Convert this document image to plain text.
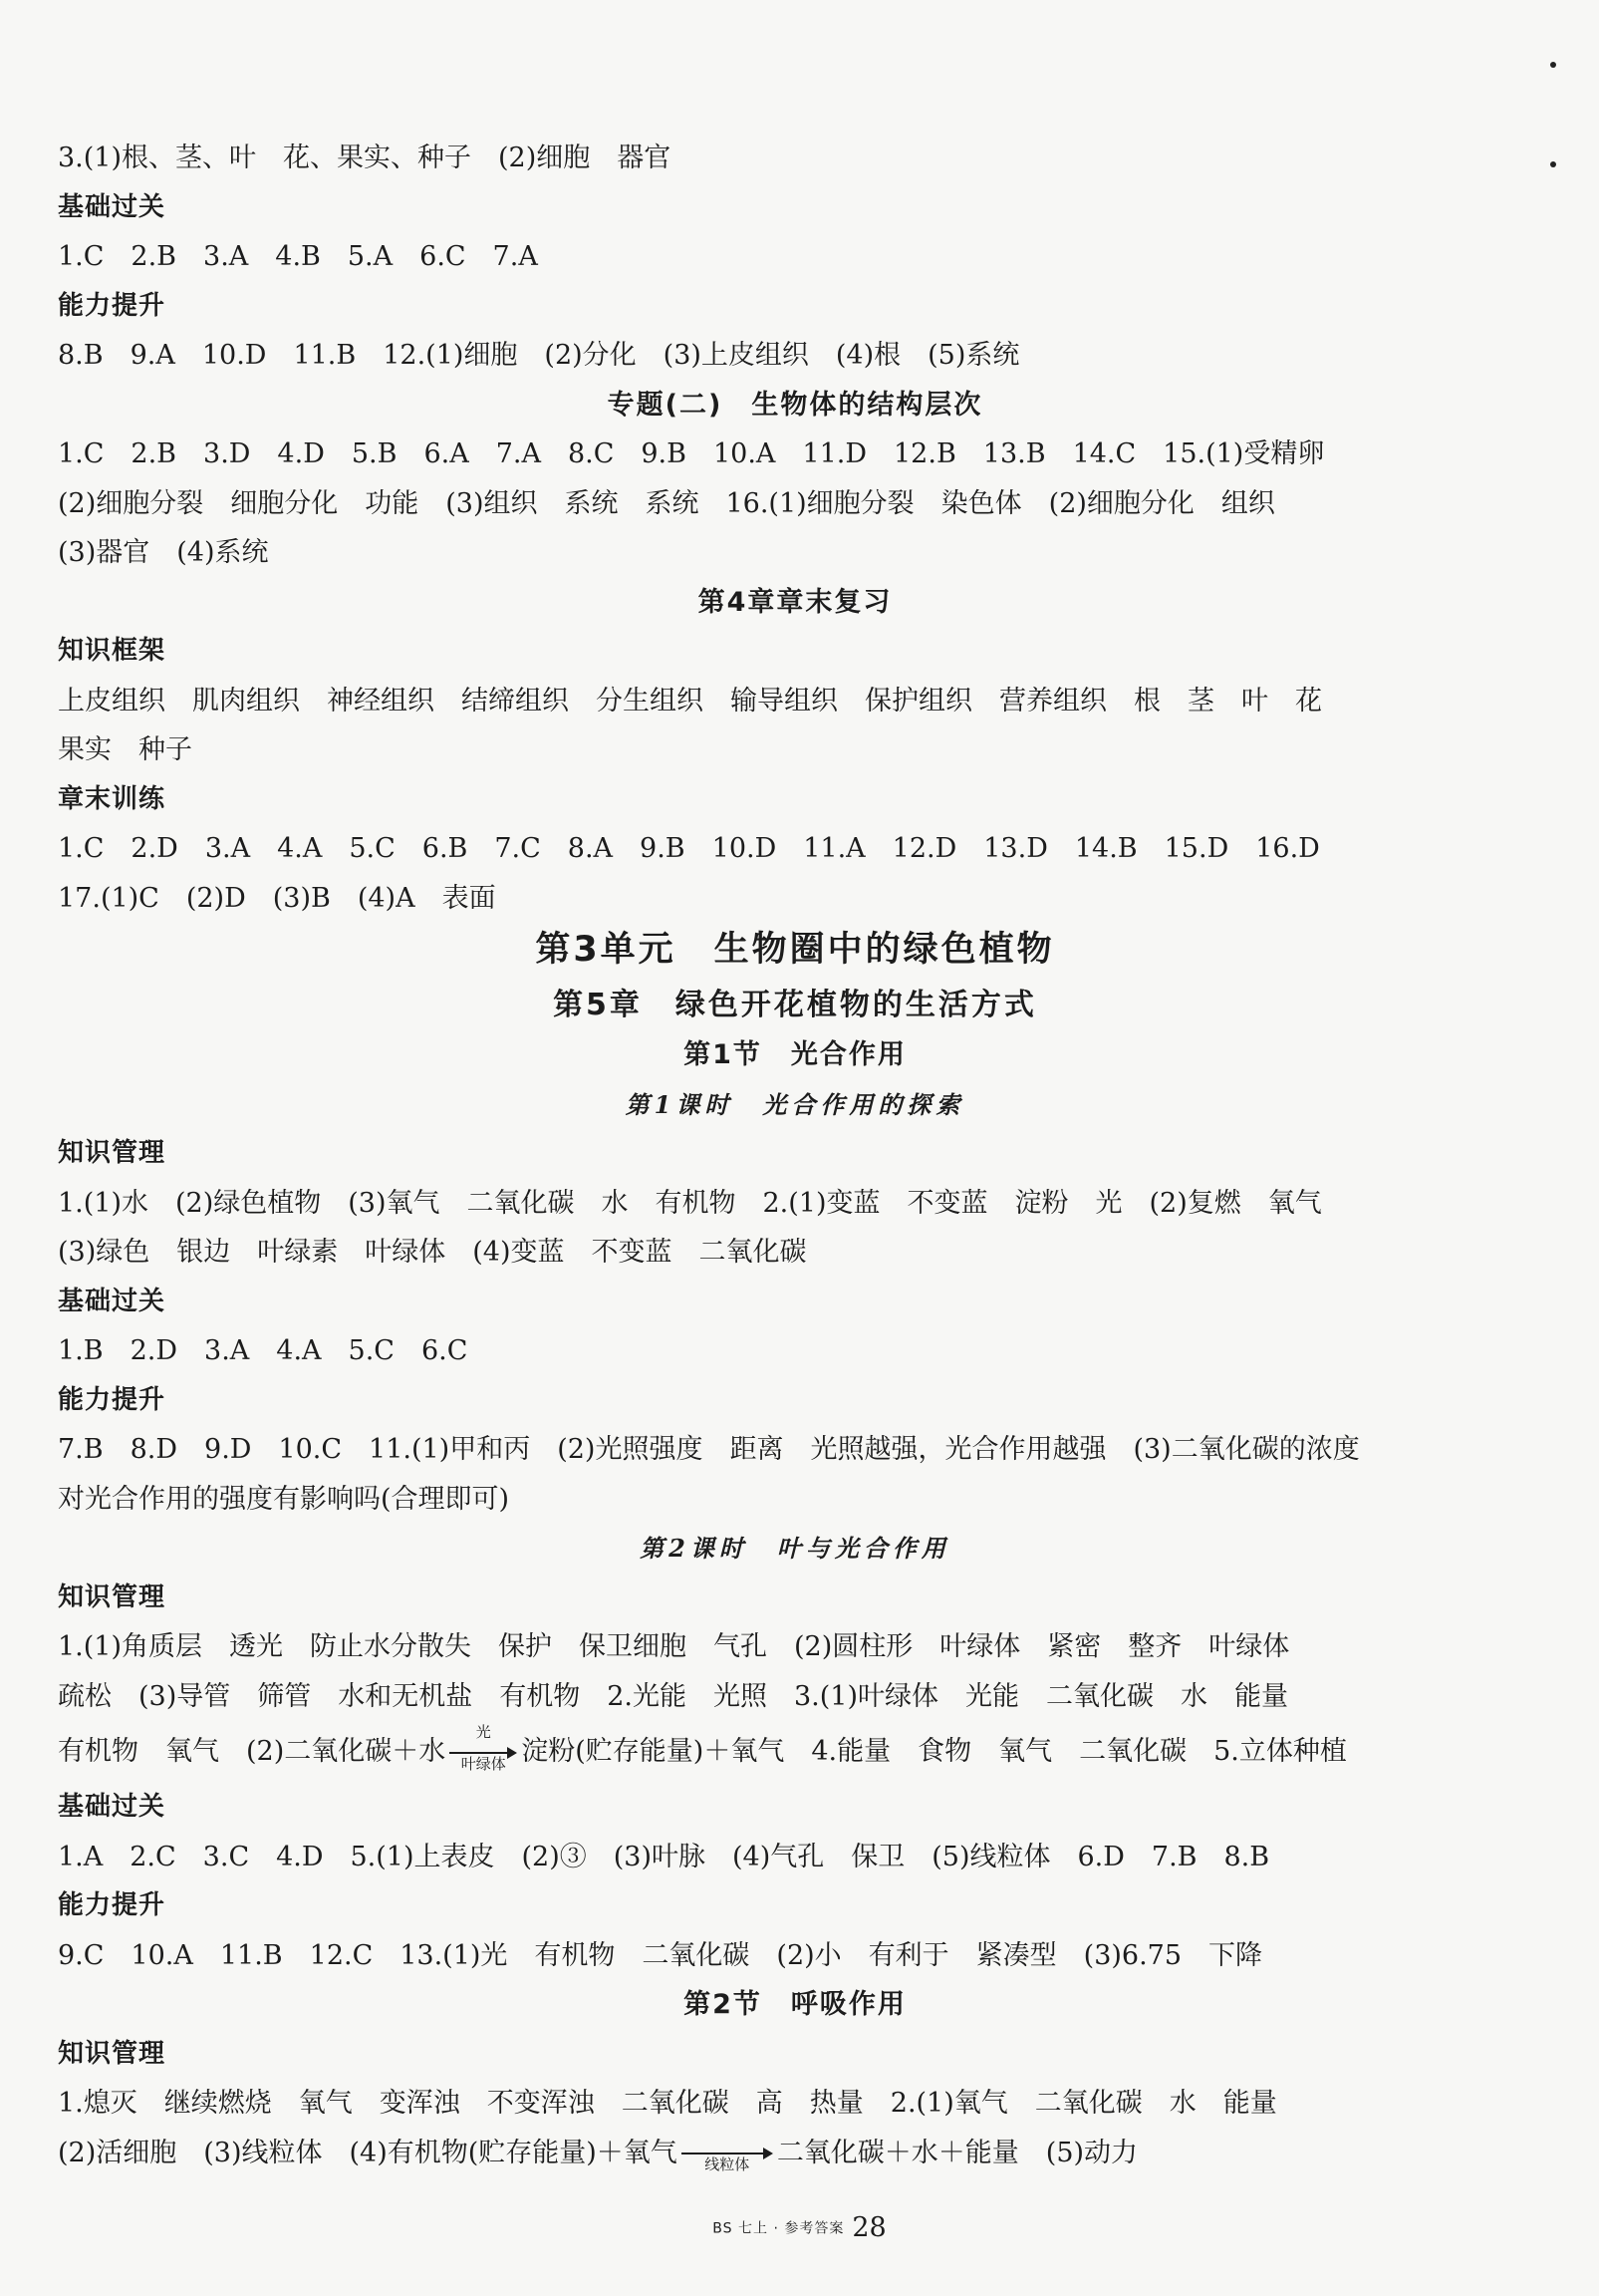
3.(1)根、茎、叶　花、果实、种子　(2)细胞　器官
基础过关
1.C　2.B　3.A　4.B　5.A　6.C　7.A
能力提升
8.B　9.A　10.D　11.B　12.(1)细胞　(2)分化　(3)上皮组织　(4)根　(5)系统
专题(二)　生物体的结构层次
1.C　2.B　3.D　4.D　5.B　6.A　7.A　8.C　9.B　10.A　11.D　12.B　13.B　14.C　15.(1)受精卵
(2)细胞分裂　细胞分化　功能　(3)组织　系统　系统　16.(1)细胞分裂　染色体　(2)细胞分化　组织
(3)器官　(4)系统
第4章章末复习
知识框架
上皮组织　肌肉组织　神经组织　结缔组织　分生组织　输导组织　保护组织　营养组织　根　茎　叶　花
果实　种子
章末训练
1.C　2.D　3.A　4.A　5.C　6.B　7.C　8.A　9.B　10.D　11.A　12.D　13.D　14.B　15.D　16.D
17.(1)C　(2)D　(3)B　(4)A　表面
第3单元　生物圈中的绿色植物
第5章　绿色开花植物的生活方式
第1节　光合作用
第1课时　光合作用的探索
知识管理
1.(1)水　(2)绿色植物　(3)氧气　二氧化碳　水　有机物　2.(1)变蓝　不变蓝　淀粉　光　(2)复燃　氧气
(3)绿色　银边　叶绿素　叶绿体　(4)变蓝　不变蓝　二氧化碳
基础过关
1.B　2.D　3.A　4.A　5.C　6.C
能力提升
7.B　8.D　9.D　10.C　11.(1)甲和丙　(2)光照强度　距离　光照越强，光合作用越强　(3)二氧化碳的浓度
对光合作用的强度有影响吗(合理即可)
第2课时　叶与光合作用
知识管理
1.(1)角质层　透光　防止水分散失　保护　保卫细胞　气孔　(2)圆柱形　叶绿体　紧密　整齐　叶绿体
疏松　(3)导管　筛管　水和无机盐　有机物　2.光能　光照　3.(1)叶绿体　光能　二氧化碳　水　能量
有机物　氧气　(2)二氧化碳＋水
光
叶绿体 淀粉(贮存能量)＋氧气　4.能量　食物　氧气　二氧化碳　5.立体种植
基础过关
1.A　2.C　3.C　4.D　5.(1)上表皮　(2)③　(3)叶脉　(4)气孔　保卫　(5)线粒体　6.D　7.B　8.B
能力提升
9.C　10.A　11.B　12.C　13.(1)光　有机物　二氧化碳　(2)小　有利于　紧凑型　(3)6.75　下降
第2节　呼吸作用
知识管理
1.熄灭　继续燃烧　氧气　变浑浊　不变浑浊　二氧化碳　高　热量　2.(1)氧气　二氧化碳　水　能量
(2)活细胞　(3)线粒体　(4)有机物(贮存能量)＋氧气	线粒体	二氧化碳＋水＋能量　(5)动力
BS 七上 · 参考答案 28
